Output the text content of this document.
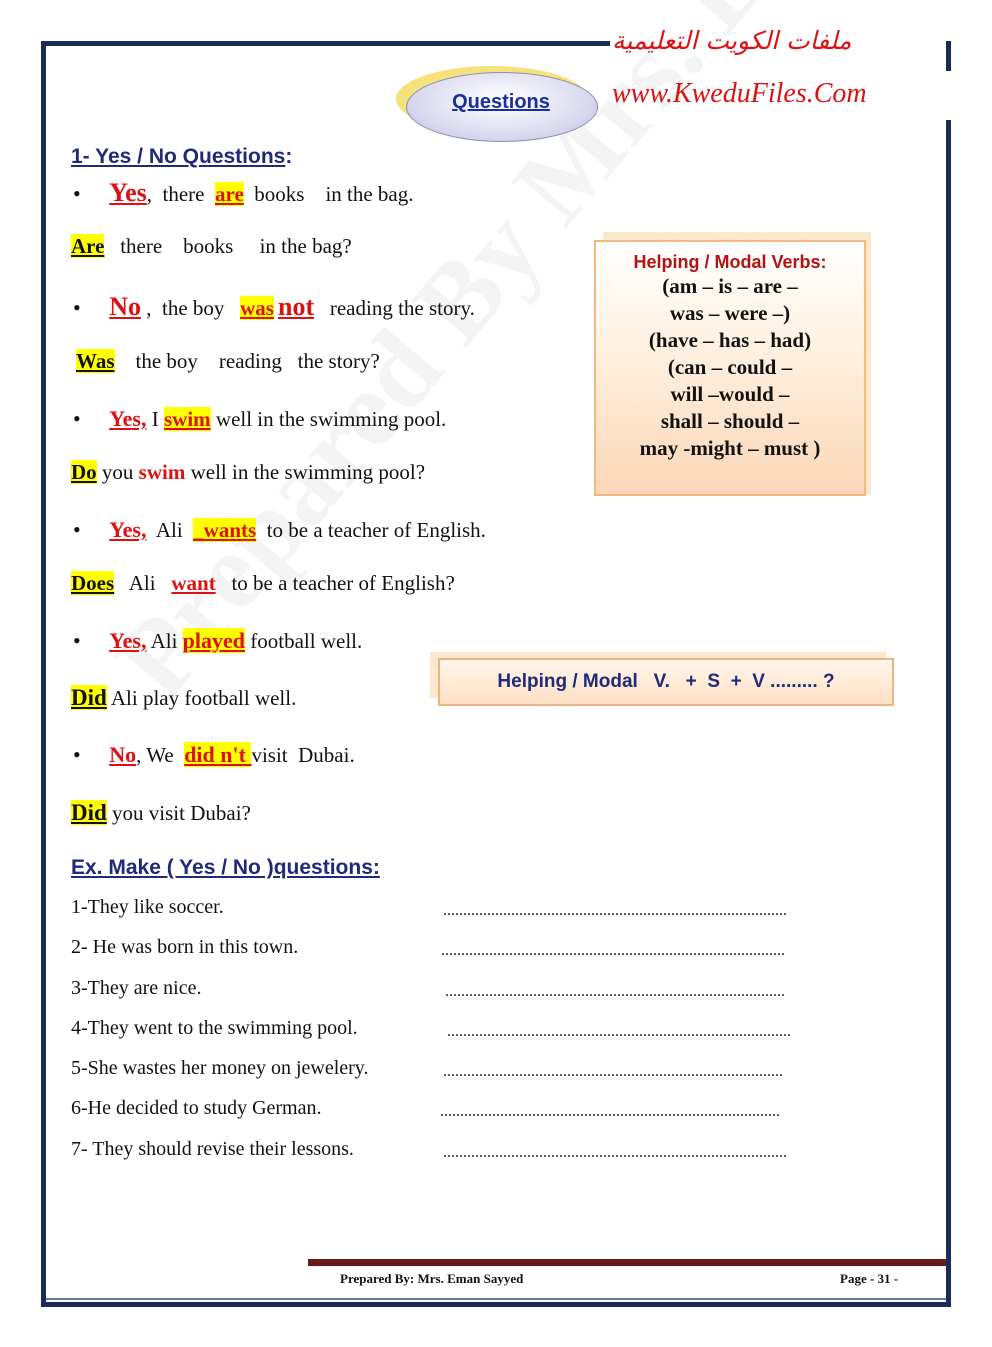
ملفات الكويت التعليمية
www.KweduFiles.Com
Questions
1- Yes / No Questions:
• Yes,  there  are  books    in the bag.
Are   there    books     in the bag?
• No ,  the boy   was not   reading the story.
Was    the boy    reading   the story?
• Yes, I swim well in the swimming pool.
Do you swim well in the swimming pool?
• Yes,  Ali  _wants  to be a teacher of English.
Does   Ali   want   to be a teacher of English?
• Yes, Ali played football well.
Did Ali play football well.
• No, We  did n't visit  Dubai.
Did you visit Dubai?
Helping / Modal Verbs:
(am – is – are –
was – were –)
(have – has – had)
(can – could –
will –would –
shall – should –
may -might – must )
Helping / Modal   V.   +  S  +  V ......... ?
Ex. Make ( Yes / No )questions:
1-They like soccer.	......................................................................................
2- He was born in this town.	......................................................................................
3-They are nice.	.....................................................................................
4-They went to the swimming pool.	......................................................................................
5-She wastes her money on jewelery.	.....................................................................................
6-He decided to study German.	.....................................................................................
7- They should revise their lessons.	......................................................................................
Prepared By: Mrs. Eman Sayyed	Page - 31 -
